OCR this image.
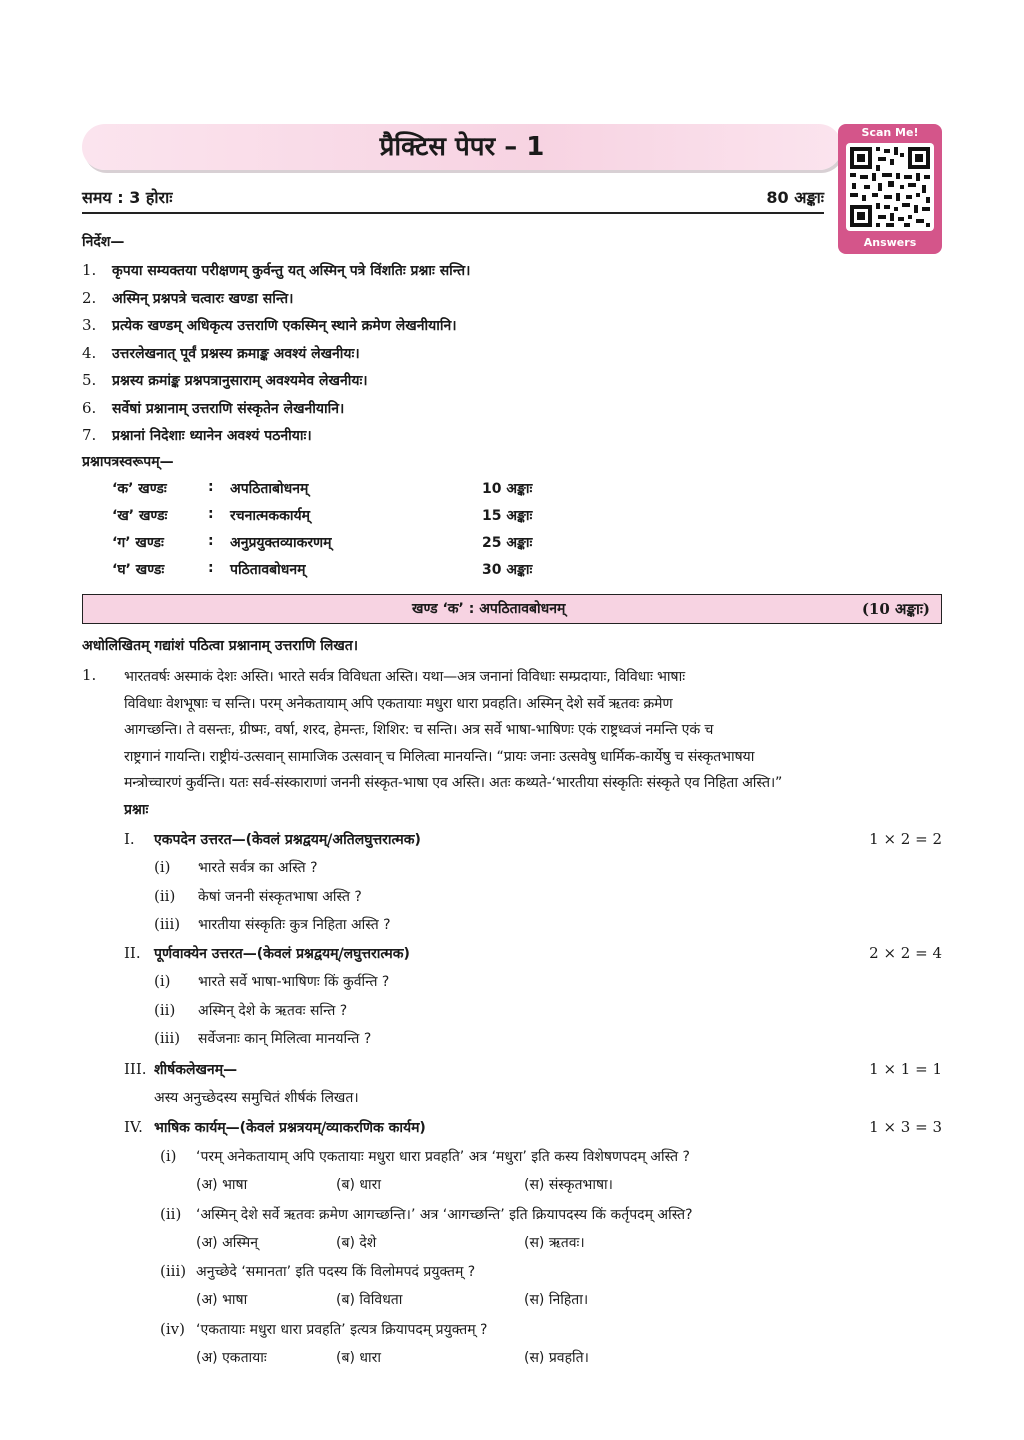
प्रैक्टिस पेपर – 1	Scan Me!
Answers
समय : 3 होराः	80 अङ्काः
निर्देश—
प्रश्नापत्रस्वरूपम्—
खण्ड ‘क’ : अपठितावबोधनम्	(10 अङ्काः)
अधोलिखितम् गद्यांशं पठित्वा प्रश्नानाम् उत्तराणि लिखत।
1. भारतवर्षः अस्माकं देशः अस्ति। भारते सर्वत्र विविधता अस्ति। यथा—अत्र जनानां विविधाः सम्प्रदायाः, विविधाः भाषाः
विविधाः वेशभूषाः च सन्ति। परम् अनेकतायाम् अपि एकतायाः मधुरा धारा प्रवहति। अस्मिन् देशे सर्वे ऋतवः क्रमेण
आगच्छन्ति। ते वसन्तः, ग्रीष्मः, वर्षा, शरद, हेमन्तः, शिशिर: च सन्ति। अत्र सर्वे भाषा-भाषिणः एकं राष्ट्रध्वजं नमन्ति एकं च
राष्ट्रगानं गायन्ति। राष्ट्रीयं-उत्सवान् सामाजिक उत्सवान् च मिलित्वा मानयन्ति। “प्रायः जनाः उत्सवेषु धार्मिक-कार्येषु च संस्कृतभाषया
मन्त्रोच्चारणं कुर्वन्ति। यतः सर्व-संस्काराणां जननी संस्कृत-भाषा एव अस्ति। अतः कथ्यते-‘भारतीया संस्कृतिः संस्कृते एव निहिता अस्ति।”
प्रश्नाः
1. कृपया सम्यक्तया परीक्षणम् कुर्वन्तु यत् अस्मिन् पत्रे विंशतिः प्रश्नाः सन्ति।
2. अस्मिन् प्रश्नपत्रे चत्वारः खण्डा सन्ति।
3. प्रत्येक खण्डम् अधिकृत्य उत्तराणि एकस्मिन् स्थाने क्रमेण लेखनीयानि।
4. उत्तरलेखनात् पूर्वं प्रश्नस्य क्रमाङ्क अवश्यं लेखनीयः।
5. प्रश्नस्य क्रमांङ्क प्रश्नपत्रानुसाराम् अवश्यमेव लेखनीयः।
6. सर्वेषां प्रश्नानाम् उत्तराणि संस्कृतेन लेखनीयानि।
7. प्रश्नानां निदेशाः ध्यानेन अवश्यं पठनीयाः।
‘क’ खण्डः	: अपठिताबोधनम्	10 अङ्काः
‘ख’ खण्डः	: रचनात्मककार्यम्	15 अङ्काः
‘ग’ खण्डः	: अनुप्रयुक्तव्याकरणम्	25 अङ्काः
‘घ’ खण्डः	: पठितावबोधनम्	30 अङ्काः
I. एकपदेन उत्तरत—(केवलं प्रश्नद्वयम्/अतिलघुत्तरात्मक)	1 × 2 = 2
(i) भारते सर्वत्र का अस्ति ?
(ii) केषां जननी संस्कृतभाषा अस्ति ?
(iii) भारतीया संस्कृतिः कुत्र निहिता अस्ति ?
II. पूर्णवाक्येन उत्तरत—(केवलं प्रश्नद्वयम्/लघुत्तरात्मक)	2 × 2 = 4
(i) भारते सर्वे भाषा-भाषिणः किं कुर्वन्ति ?
(ii) अस्मिन् देशे के ऋतवः सन्ति ?
(iii) सर्वेजनाः कान् मिलित्वा मानयन्ति ?
III. शीर्षकलेखनम्—	1 × 1 = 1
अस्य अनुच्छेदस्य समुचितं शीर्षकं लिखत।
IV. भाषिक कार्यम्—(केवलं प्रश्नत्रयम्/व्याकरणिक कार्यम)	1 × 3 = 3
(i) ‘परम् अनेकतायाम् अपि एकतायाः मधुरा धारा प्रवहति’ अत्र ‘मधुरा’ इति कस्य विशेषणपदम् अस्ति ?
(अ) भाषा	(ब) धारा	(स) संस्कृतभाषा।
(ii) ‘अस्मिन् देशे सर्वे ऋतवः क्रमेण आगच्छन्ति।’ अत्र ‘आगच्छन्ति’ इति क्रियापदस्य किं कर्तृपदम् अस्ति?
(अ) अस्मिन्	(ब) देशे	(स) ऋतवः।
(iii) अनुच्छेदे ‘समानता’ इति पदस्य किं विलोमपदं प्रयुक्तम् ?
(अ) भाषा	(ब) विविधता	(स) निहिता।
(iv) ‘एकतायाः मधुरा धारा प्रवहति’ इत्यत्र क्रियापदम् प्रयुक्तम् ?
(अ) एकतायाः	(ब) धारा	(स) प्रवहति।
